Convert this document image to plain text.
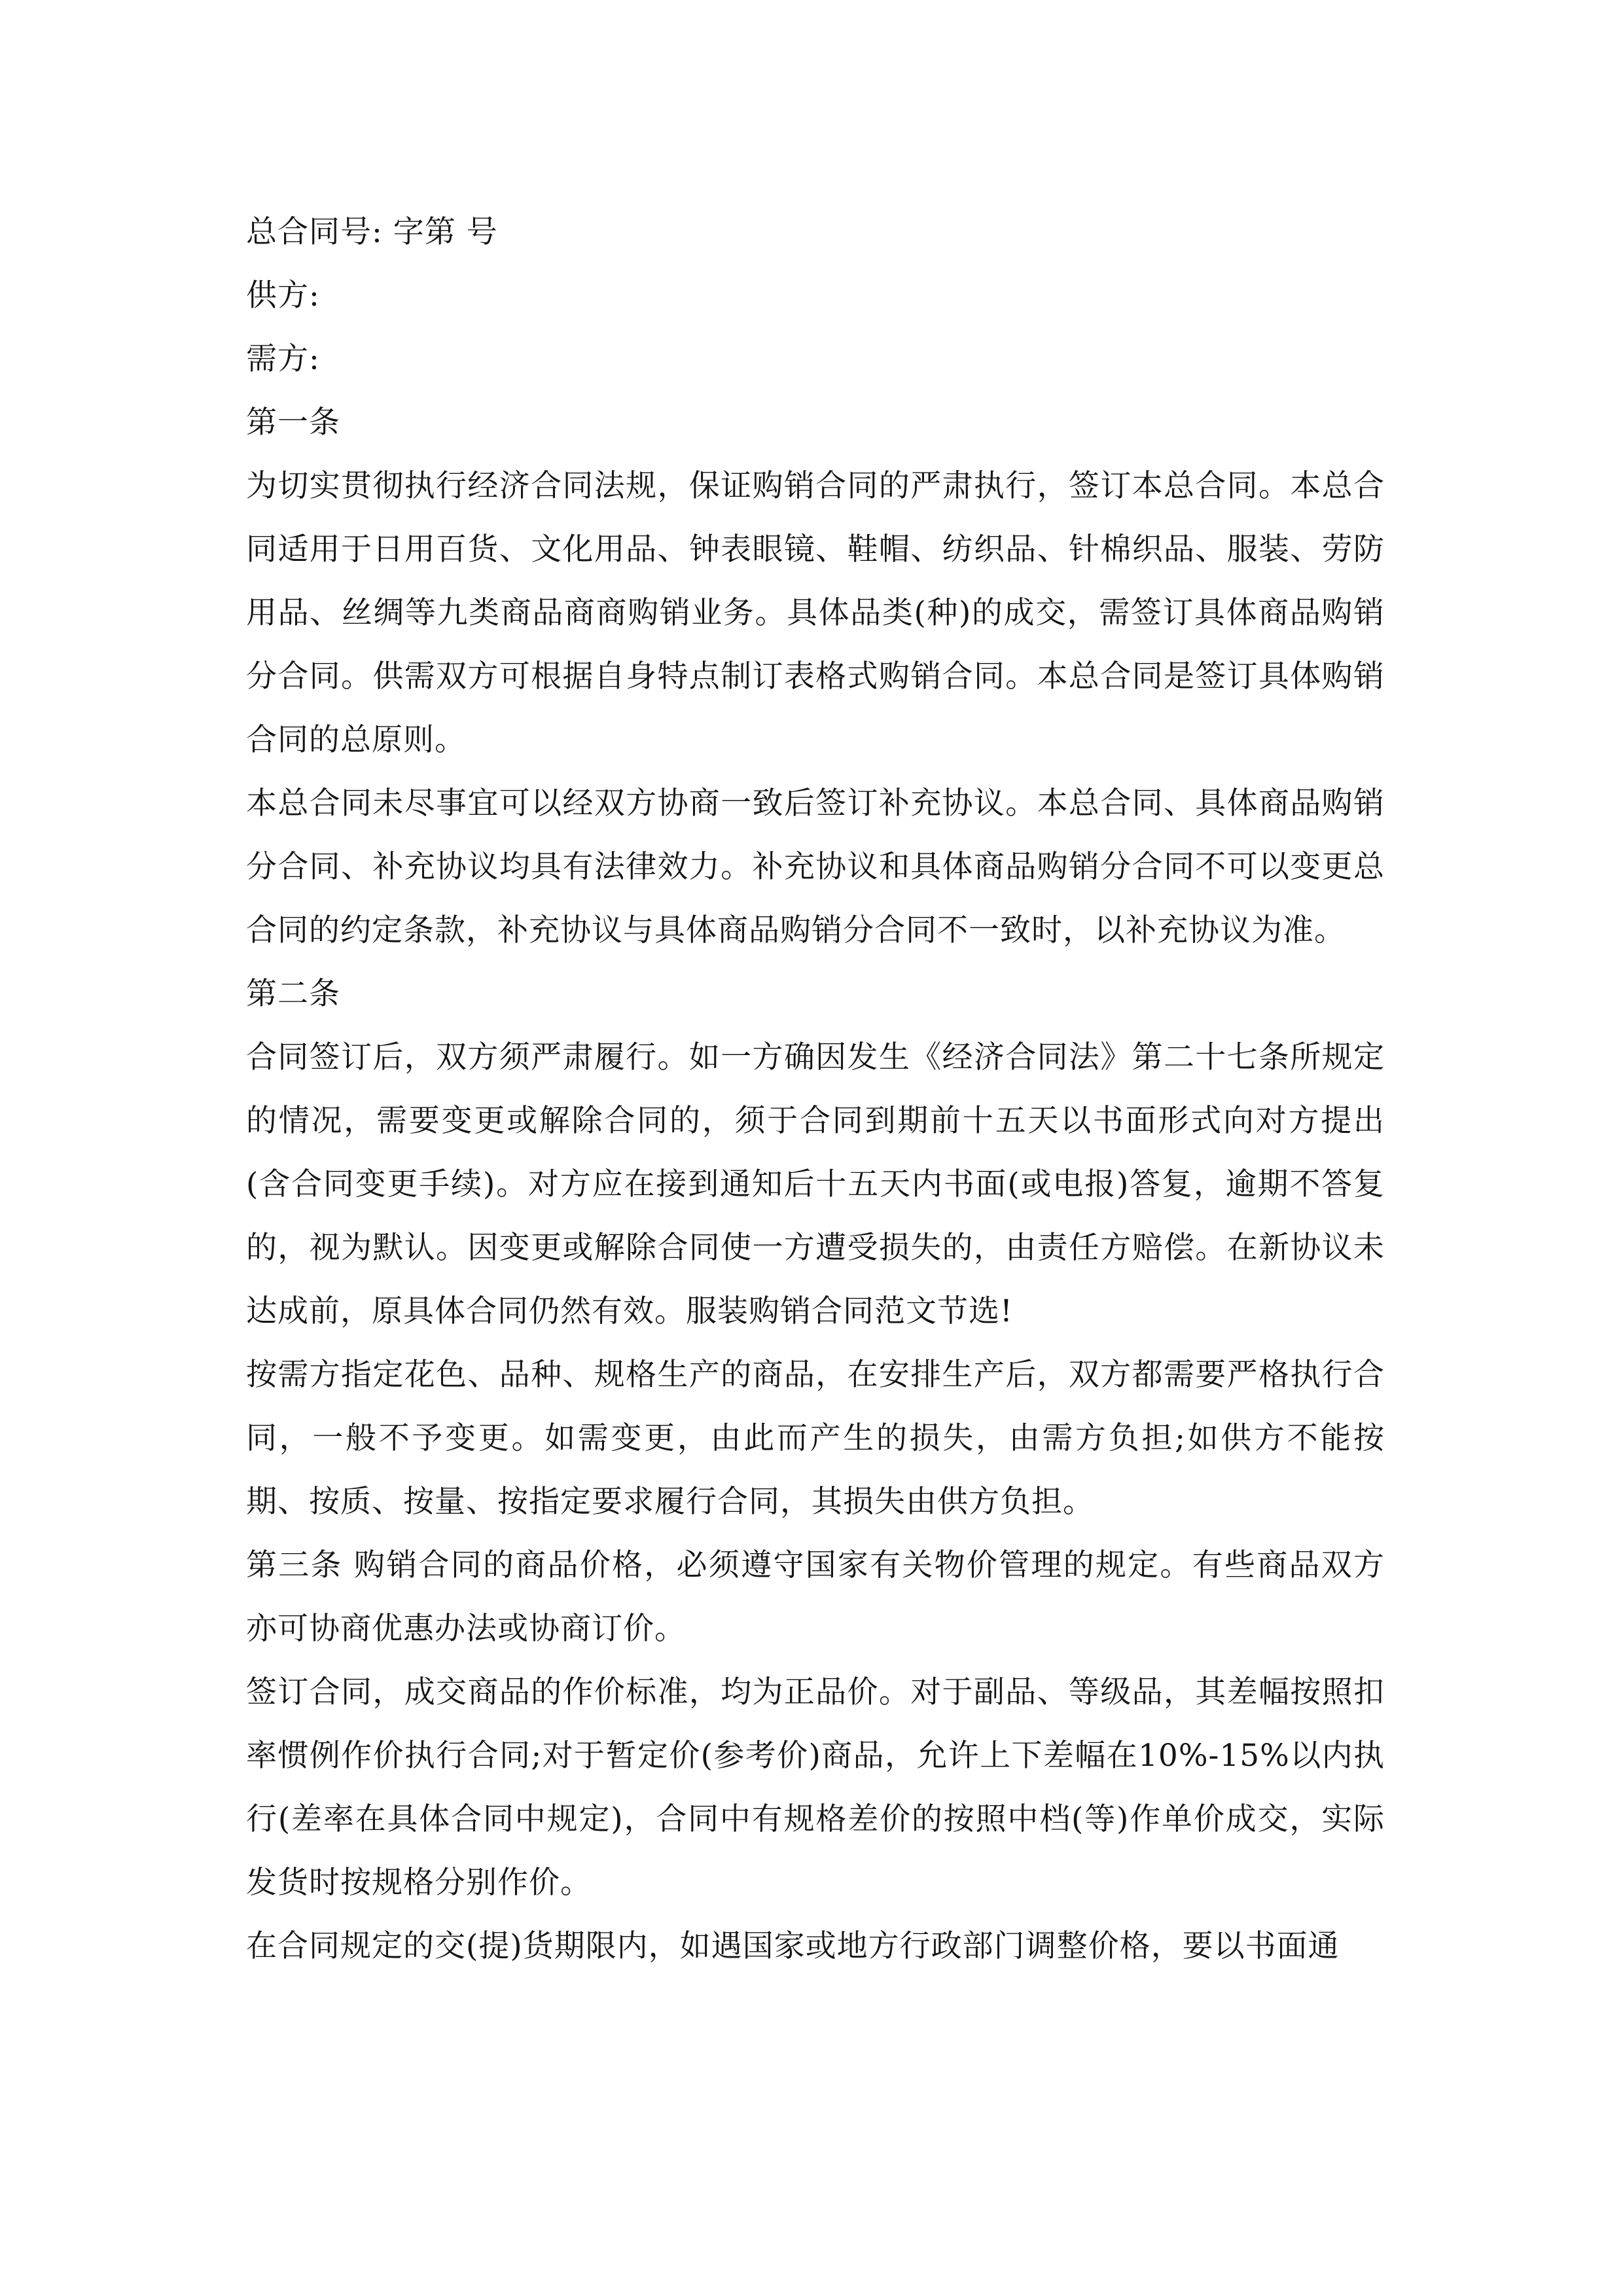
总合同号: 字第 号

供方:

需方:

第一条

为切实贯彻执行经济合同法规，保证购销合同的严肃执行，签订本总合同。本总合同适用于日用百货、文化用品、钟表眼镜、鞋帽、纺织品、针棉织品、服装、劳防用品、丝绸等九类商品商商购销业务。具体品类(种)的成交，需签订具体商品购销分合同。供需双方可根据自身特点制订表格式购销合同。本总合同是签订具体购销合同的总原则。

本总合同未尽事宜可以经双方协商一致后签订补充协议。本总合同、具体商品购销分合同、补充协议均具有法律效力。补充协议和具体商品购销分合同不可以变更总合同的约定条款，补充协议与具体商品购销分合同不一致时，以补充协议为准。

第二条

合同签订后，双方须严肃履行。如一方确因发生《经济合同法》第二十七条所规定的情况，需要变更或解除合同的，须于合同到期前十五天以书面形式向对方提出(含合同变更手续)。对方应在接到通知后十五天内书面(或电报)答复，逾期不答复的，视为默认。因变更或解除合同使一方遭受损失的，由责任方赔偿。在新协议未达成前，原具体合同仍然有效。服装购销合同范文节选!

按需方指定花色、品种、规格生产的商品，在安排生产后，双方都需要严格执行合同，一般不予变更。如需变更，由此而产生的损失，由需方负担;如供方不能按期、按质、按量、按指定要求履行合同，其损失由供方负担。

第三条 购销合同的商品价格，必须遵守国家有关物价管理的规定。有些商品双方亦可协商优惠办法或协商订价。

签订合同，成交商品的作价标准，均为正品价。对于副品、等级品，其差幅按照扣率惯例作价执行合同;对于暂定价(参考价)商品，允许上下差幅在10%-15%以内执行(差率在具体合同中规定)，合同中有规格差价的按照中档(等)作单价成交，实际发货时按规格分别作价。

在合同规定的交(提)货期限内，如遇国家或地方行政部门调整价格，要以书面通
